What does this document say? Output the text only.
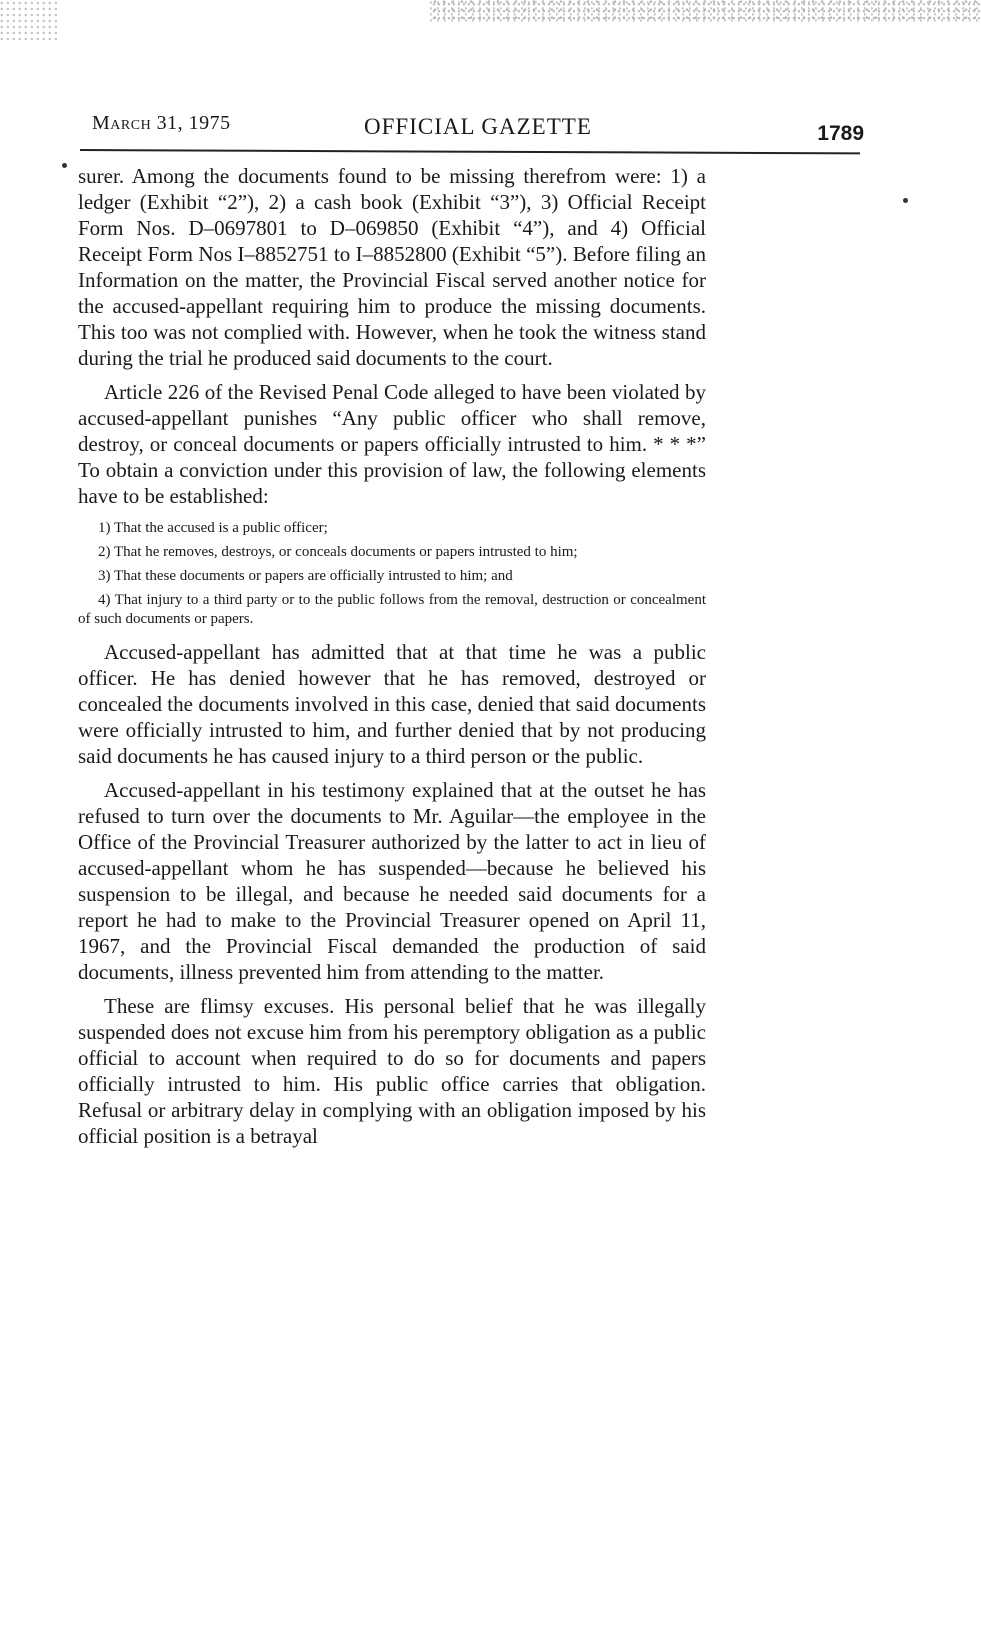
March 31, 1975	OFFICIAL GAZETTE	1789

surer. Among the documents found to be missing therefrom were: 1) a ledger (Exhibit “2”), 2) a cash book (Exhibit “3”), 3) Official Receipt Form Nos. D–0697801 to D–069850 (Exhibit “4”), and 4) Official Receipt Form Nos I–8852751 to I–8852800 (Exhibit “5”). Before filing an Information on the matter, the Provincial Fiscal served another notice for the accused-appellant requiring him to produce the missing documents. This too was not complied with. However, when he took the witness stand during the trial he produced said documents to the court.

Article 226 of the Revised Penal Code alleged to have been violated by accused-appellant punishes “Any public officer who shall remove, destroy, or conceal documents or papers officially intrusted to him. * * *” To obtain a conviction under this provision of law, the following elements have to be established:

1) That the accused is a public officer;
2) That he removes, destroys, or conceals documents or papers intrusted to him;
3) That these documents or papers are officially intrusted to him; and
4) That injury to a third party or to the public follows from the removal, destruction or concealment of such documents or papers.

Accused-appellant has admitted that at that time he was a public officer. He has denied however that he has removed, destroyed or concealed the documents involved in this case, denied that said documents were officially intrusted to him, and further denied that by not producing said documents he has caused injury to a third person or the public.

Accused-appellant in his testimony explained that at the outset he has refused to turn over the documents to Mr. Aguilar—the employee in the Office of the Provincial Treasurer authorized by the latter to act in lieu of accused-appellant whom he has suspended—because he believed his suspension to be illegal, and because he needed said documents for a report he had to make to the Provincial Treasurer opened on April 11, 1967, and the Provincial Fiscal demanded the production of said documents, illness prevented him from attending to the matter.

These are flimsy excuses. His personal belief that he was illegally suspended does not excuse him from his peremptory obligation as a public official to account when required to do so for documents and papers officially intrusted to him. His public office carries that obligation. Refusal or arbitrary delay in complying with an obligation imposed by his official position is a betrayal
